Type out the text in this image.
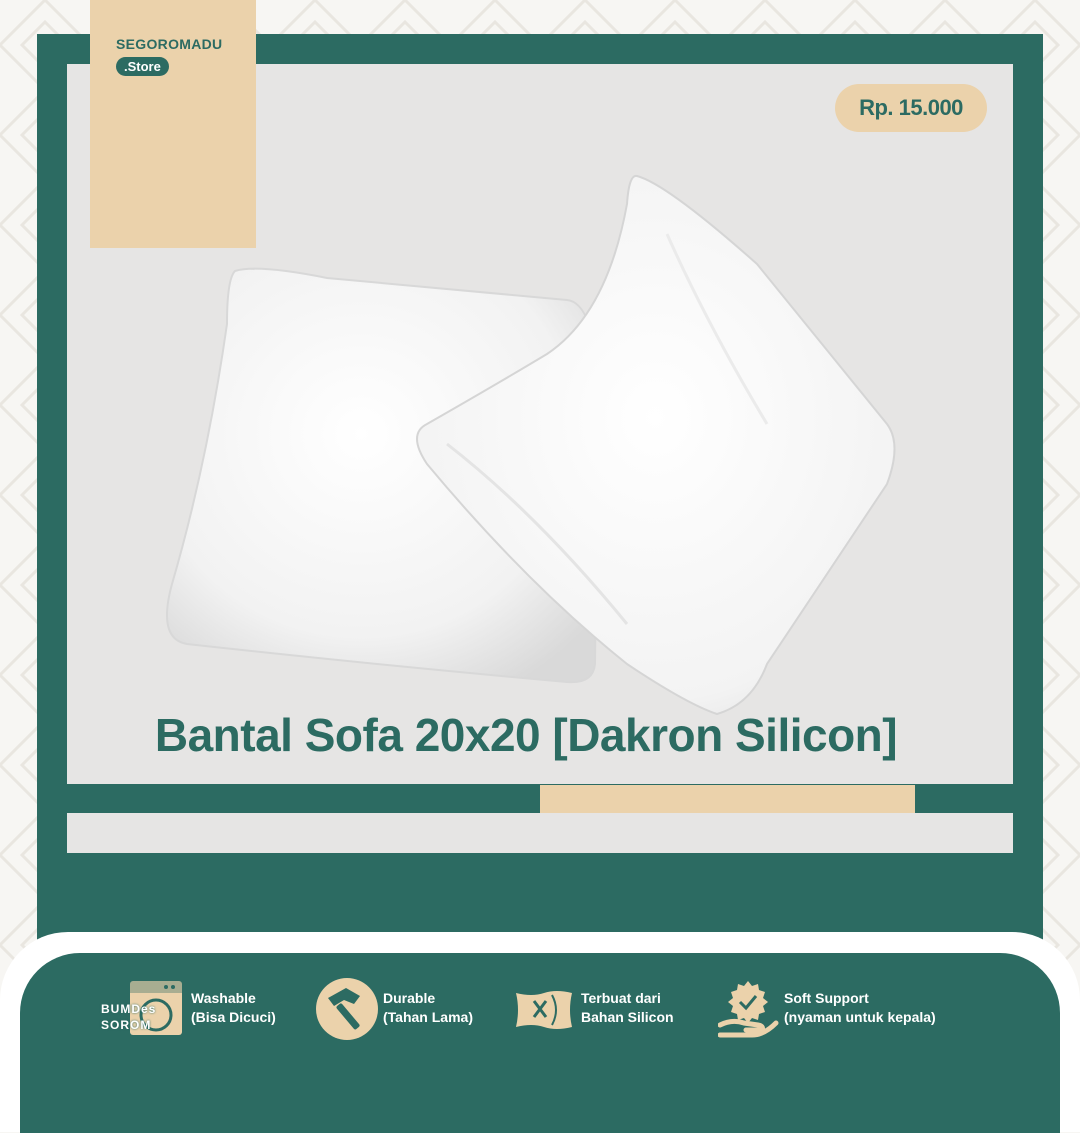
SEGOROMADU
.Store
Rp. 15.000
Bantal Sofa 20x20 [Dakron Silicon]
BUMDes SOROM
Washable
(Bisa Dicuci)
Durable
(Tahan Lama)
Terbuat dari
Bahan Silicon
Soft Support
(nyaman untuk kepala)
